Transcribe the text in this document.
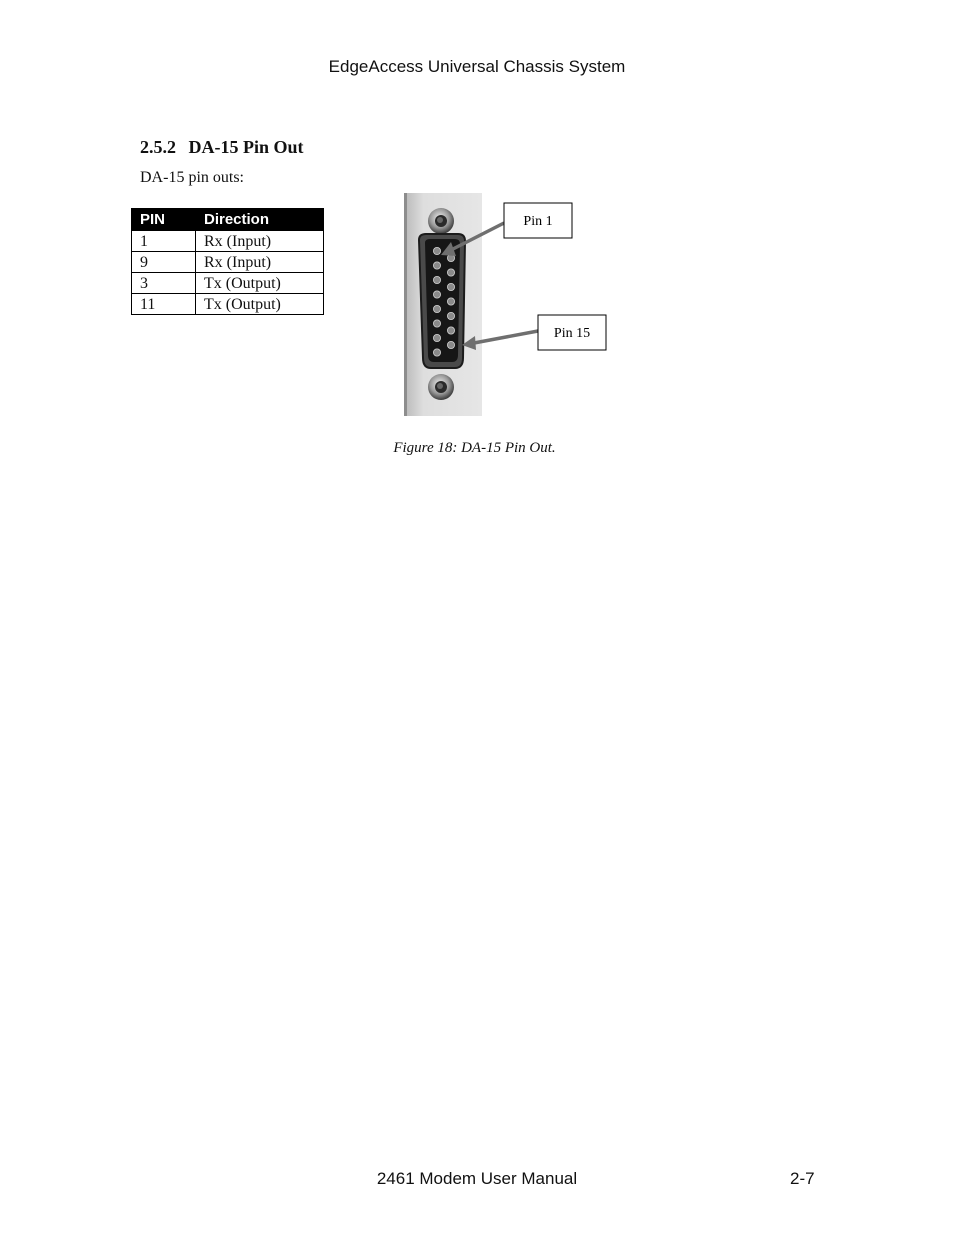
EdgeAccess Universal Chassis System
2.5.2 DA-15 Pin Out
DA-15 pin outs:
PIN	Direction
1	Rx (Input)
9	Rx (Input)
3	Tx (Output)
11	Tx (Output)
Pin 1
Pin 15
Figure 18: DA-15 Pin Out.
2461 Modem User Manual	2-7
